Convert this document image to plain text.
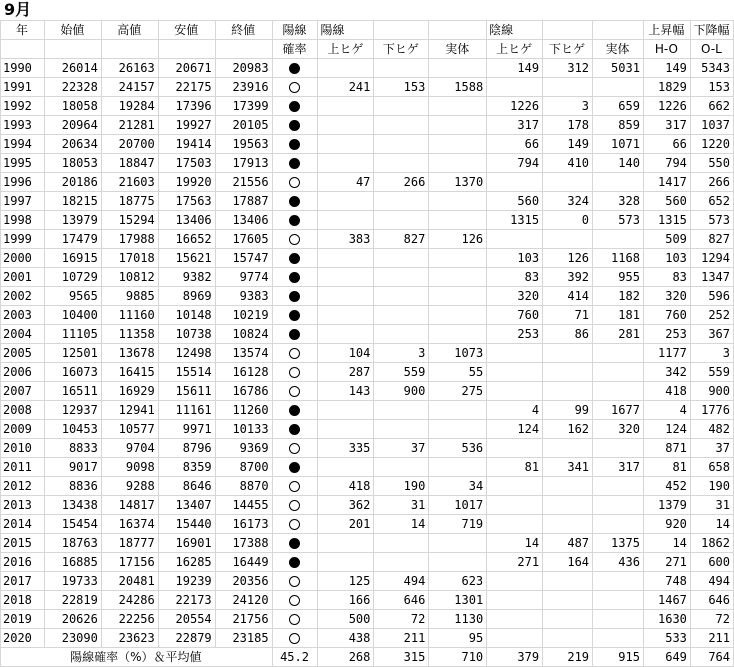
9月
年	始値	高値	安値	終値	陽線	陽線			陰線			上昇幅	下降幅
					確率	上ヒゲ	下ヒゲ	実体	上ヒゲ	下ヒゲ	実体	H-O	O-L
1990	26014	26163	20671	20983					149	312	5031	149	5343
1991	22328	24157	22175	23916		241	153	1588				1829	153
1992	18058	19284	17396	17399					1226	3	659	1226	662
1993	20964	21281	19927	20105					317	178	859	317	1037
1994	20634	20700	19414	19563					66	149	1071	66	1220
1995	18053	18847	17503	17913					794	410	140	794	550
1996	20186	21603	19920	21556		47	266	1370				1417	266
1997	18215	18775	17563	17887					560	324	328	560	652
1998	13979	15294	13406	13406					1315	0	573	1315	573
1999	17479	17988	16652	17605		383	827	126				509	827
2000	16915	17018	15621	15747					103	126	1168	103	1294
2001	10729	10812	9382	9774					83	392	955	83	1347
2002	9565	9885	8969	9383					320	414	182	320	596
2003	10400	11160	10148	10219					760	71	181	760	252
2004	11105	11358	10738	10824					253	86	281	253	367
2005	12501	13678	12498	13574		104	3	1073				1177	3
2006	16073	16415	15514	16128		287	559	55				342	559
2007	16511	16929	15611	16786		143	900	275				418	900
2008	12937	12941	11161	11260					4	99	1677	4	1776
2009	10453	10577	9971	10133					124	162	320	124	482
2010	8833	9704	8796	9369		335	37	536				871	37
2011	9017	9098	8359	8700					81	341	317	81	658
2012	8836	9288	8646	8870		418	190	34				452	190
2013	13438	14817	13407	14455		362	31	1017				1379	31
2014	15454	16374	15440	16173		201	14	719				920	14
2015	18763	18777	16901	17388					14	487	1375	14	1862
2016	16885	17156	16285	16449					271	164	436	271	600
2017	19733	20481	19239	20356		125	494	623				748	494
2018	22819	24286	22173	24120		166	646	1301				1467	646
2019	20626	22256	20554	21756		500	72	1130				1630	72
2020	23090	23623	22879	23185		438	211	95				533	211
陽線確率（%）＆平均値					45.2	268	315	710	379	219	915	649	764
